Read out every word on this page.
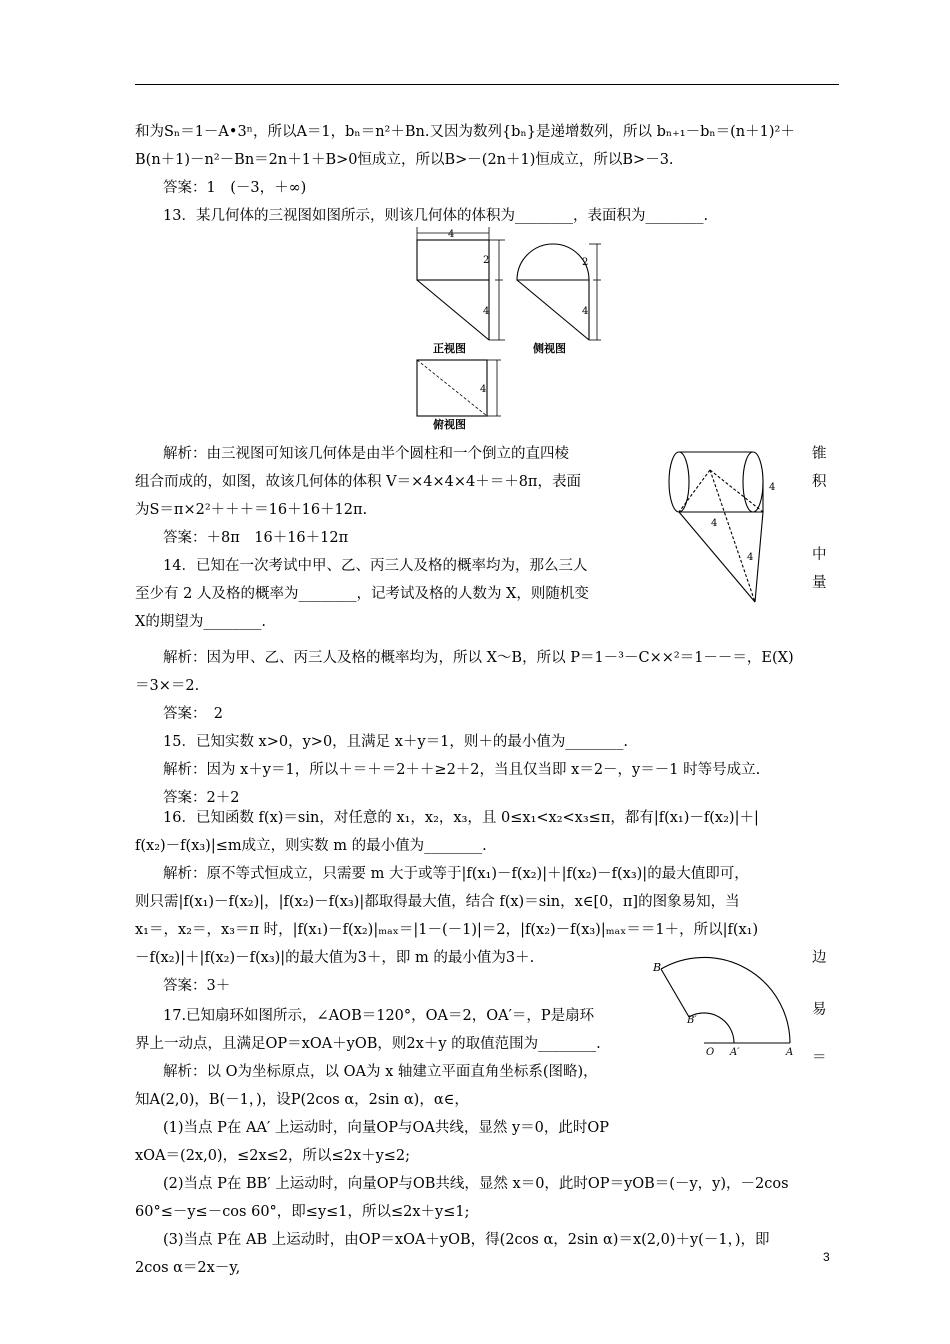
和为Sₙ＝1－A•3ⁿ，所以A＝1，bₙ＝n²＋Bn.又因为数列{bₙ}是递增数列，所以 bₙ₊₁－bₙ＝(n＋1)²＋
B(n＋1)－n²－Bn＝2n＋1＋B>0恒成立，所以B>－(2n＋1)恒成立，所以B>－3.
答案：1　(－3，＋∞)
13．某几何体的三视图如图所示，则该几何体的体积为________，表面积为________.
解析：由三视图可知该几何体是由半个圆柱和一个倒立的直四棱
组合而成的，如图，故该几何体的体积 V＝×4×4×4＋＝＋8π，表面
为S＝π×2²＋＋＋＝16＋16＋12π.
答案：＋8π　16＋16＋12π
14．已知在一次考试中甲、乙、丙三人及格的概率均为，那么三人
至少有 2 人及格的概率为________，记考试及格的人数为 X，则随机变
X的期望为________.
解析：因为甲、乙、丙三人及格的概率均为，所以 X～B，所以 P＝1－³－C××²＝1－－＝，E(X)
＝3×＝2.
答案：　2
15．已知实数 x>0，y>0，且满足 x＋y＝1，则＋的最小值为________.
解析：因为 x＋y＝1，所以＋＝＋＝2＋＋≥2＋2，当且仅当即 x＝2－，y＝－1 时等号成立.
答案：2＋2
16．已知函数 f(x)＝sin，对任意的 x₁，x₂，x₃，且 0≤x₁<x₂<x₃≤π，都有|f(x₁)－f(x₂)|＋|
f(x₂)－f(x₃)|≤m成立，则实数 m 的最小值为________.
解析：原不等式恒成立，只需要 m 大于或等于|f(x₁)－f(x₂)|＋|f(x₂)－f(x₃)|的最大值即可，
则只需|f(x₁)－f(x₂)|，|f(x₂)－f(x₃)|都取得最大值，结合 f(x)＝sin，x∈[0，π]的图象易知，当
x₁＝，x₂＝，x₃＝π 时，|f(x₁)－f(x₂)|ₘₐₓ＝|1－(－1)|＝2，|f(x₂)－f(x₃)|ₘₐₓ＝＝1＋，所以|f(x₁)
－f(x₂)|＋|f(x₂)－f(x₃)|的最大值为3＋，即 m 的最小值为3＋.
答案：3＋
17.已知扇环如图所示，∠AOB＝120°，OA＝2，OA′＝，P是扇环
界上一动点，且满足OP＝xOA＋yOB，则2x＋y 的取值范围为________.
解析：以 O为坐标原点，以 OA为 x 轴建立平面直角坐标系(图略)，
知A(2,0)，B(－1，)，设P(2cos α，2sin α)，α∈，
(1)当点 P在 AA′ 上运动时，向量OP与OA共线，显然 y＝0，此时OP
xOA＝(2x,0)，≤2x≤2，所以≤2x＋y≤2;
(2)当点 P在 BB′ 上运动时，向量OP与OB共线，显然 x＝0，此时OP＝yOB＝(－y，y)，－2cos
60°≤－y≤－cos 60°，即≤y≤1，所以≤2x＋y≤1;
(3)当点 P在 AB 上运动时，由OP＝xOA＋yOB，得(2cos α，2sin α)＝x(2,0)＋y(－1，)，即
2cos α＝2x－y,
锥
积
中
量
边
易
＝
4
2
4
2
4
正视图	侧视图
4
俯视图
4
4
4
B
B′
O A′	A
3
